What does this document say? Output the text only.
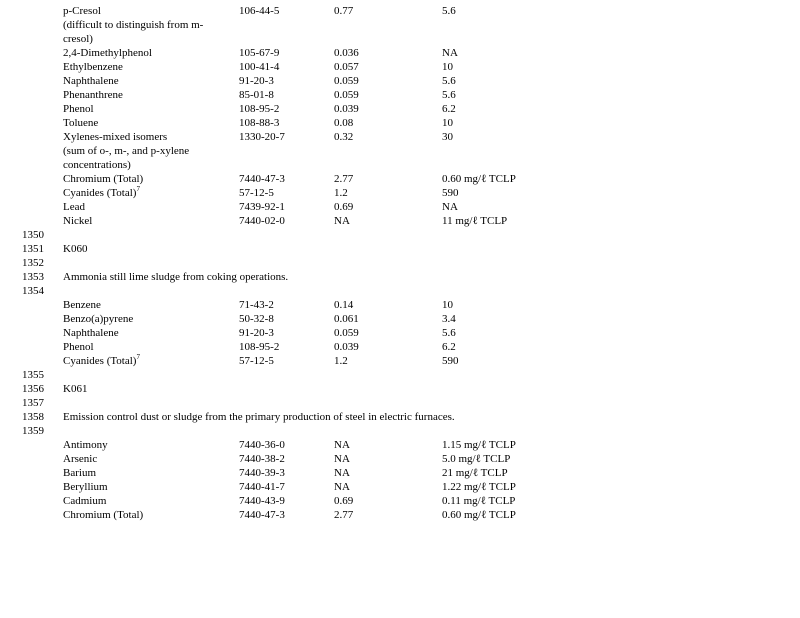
p-Cresol	106-44-5	0.77	5.6
(difficult to distinguish from m-
cresol)
2,4-Dimethylphenol	105-67-9	0.036	NA
Ethylbenzene	100-41-4	0.057	10
Naphthalene	91-20-3	0.059	5.6
Phenanthrene	85-01-8	0.059	5.6
Phenol	108-95-2	0.039	6.2
Toluene	108-88-3	0.08	10
Xylenes-mixed isomers	1330-20-7	0.32	30
(sum of o-, m-, and p-xylene
concentrations)
Chromium (Total)	7440-47-3	2.77	0.60 mg/ℓ TCLP
Cyanides (Total)$^7$	57-12-5	1.2	590
Lead	7439-92-1	0.69	NA
Nickel	7440-02-0	NA	11 mg/ℓ TCLP
1350
1351 K060
1352
1353 Ammonia still lime sludge from coking operations.
1354
Benzene	71-43-2	0.14	10
Benzo(a)pyrene	50-32-8	0.061	3.4
Naphthalene	91-20-3	0.059	5.6
Phenol	108-95-2	0.039	6.2
Cyanides (Total)$^7$	57-12-5	1.2	590
1355
1356 K061
1357
1358 Emission control dust or sludge from the primary production of steel in electric furnaces.
1359
Antimony	7440-36-0	NA	1.15 mg/ℓ TCLP
Arsenic	7440-38-2	NA	5.0 mg/ℓ TCLP
Barium	7440-39-3	NA	21 mg/ℓ TCLP
Beryllium	7440-41-7	NA	1.22 mg/ℓ TCLP
Cadmium	7440-43-9	0.69	0.11 mg/ℓ TCLP
Chromium (Total)	7440-47-3	2.77	0.60 mg/ℓ TCLP
